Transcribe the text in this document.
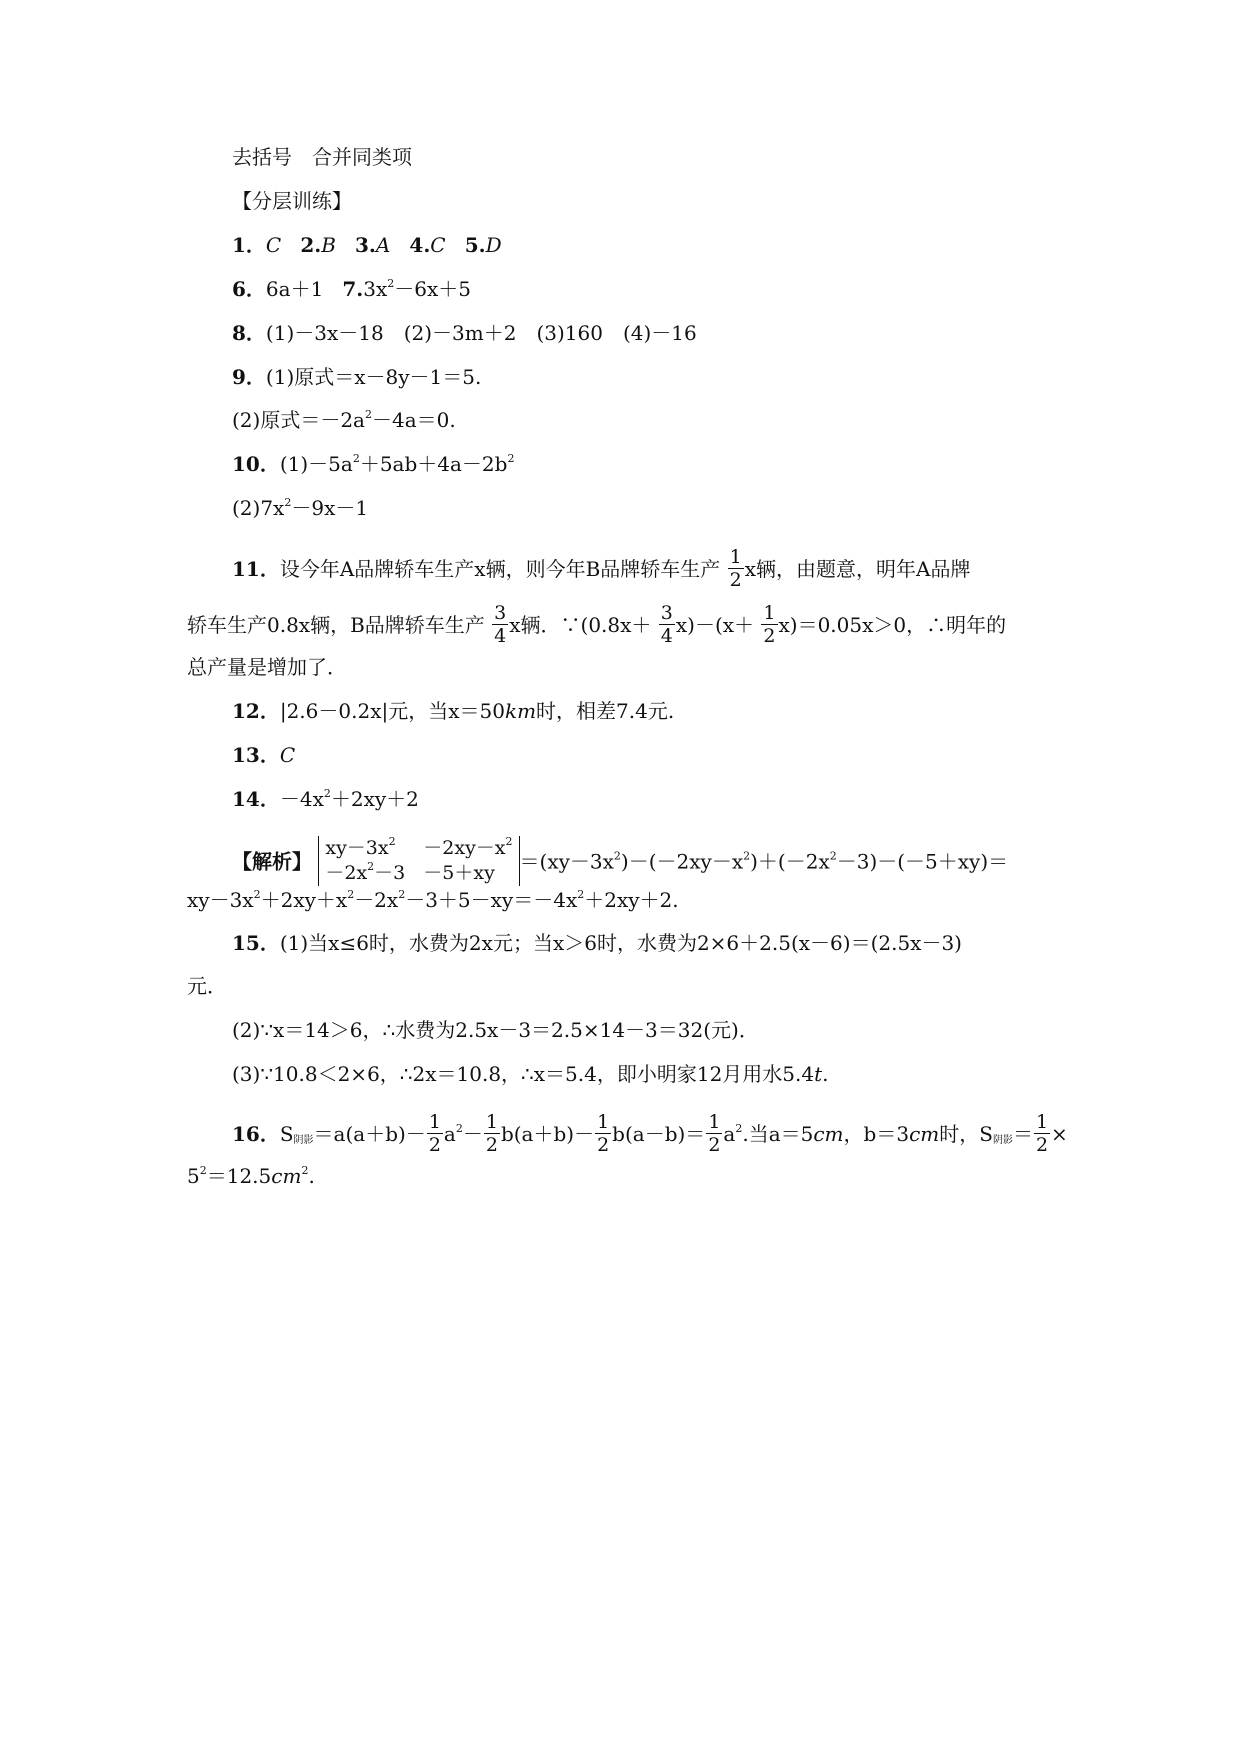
去括号　合并同类项
【分层训练】
1．C 2.B 3.A 4.C 5.D
6．6a＋1 $7.3x^2-6x+5$
8．(1)－3x－18　(2)－3m＋2　(3)160　(4)－16
9．(1)原式＝x－8y－1＝5.
(2)原式$=-2a^2-4a=0$.
10．$(1)-5a^2+5ab+4a-2b^2$
$(2)7x^2-9x-1$
11．设今年A品牌轿车生产x辆，则今年B品牌轿车生产 $\frac{1}{2}$ x辆，由题意，明年A品牌
轿车生产0.8x辆，B品牌轿车生产 $\frac{3}{4}$ x辆．∵(0.8x＋ $\frac{3}{4} x)-(x+ \frac{1}{2} x)=0.05x>0$，∴明年的
总产量是增加了．
12．|2.6－0.2x|元，当x＝50km时，相差7.4元.
13．C
14．$-4x^2+2xy+2$
【解析】
$xy-3x^2$	$-2xy-x^2$
$-2x^2-3 -5+xy$	$=(xy-3x^2)-(-2xy-x^2)+(-2x^2-3)-(-5+xy)=$
$xy-3x^2+2xy+x^2-2x^2-3+5-xy=-4x^2+2xy+2$.
15．(1)当x≤6时，水费为2x元；当x＞6时，水费为2×6＋2.5(x－6)＝(2.5x－3)
元．
(2)∵x＝14＞6，∴水费为2.5x－3＝2.5×14－3＝32(元)．
(3)∵10.8＜2×6，∴2x＝10.8，∴x＝5.4，即小明家12月用水5.4t.
16．$S_{阴影}=a(a+b)- \frac{1}{2} a^2- \frac{1}{2} b(a+b)- \frac{1}{2} b(a-b)= \frac{1}{2} a^2$.当a＝5cm，b＝3cm时，$S_{阴影}= \frac{1}{2}$ ×
$5^2=12.5cm^2$.
